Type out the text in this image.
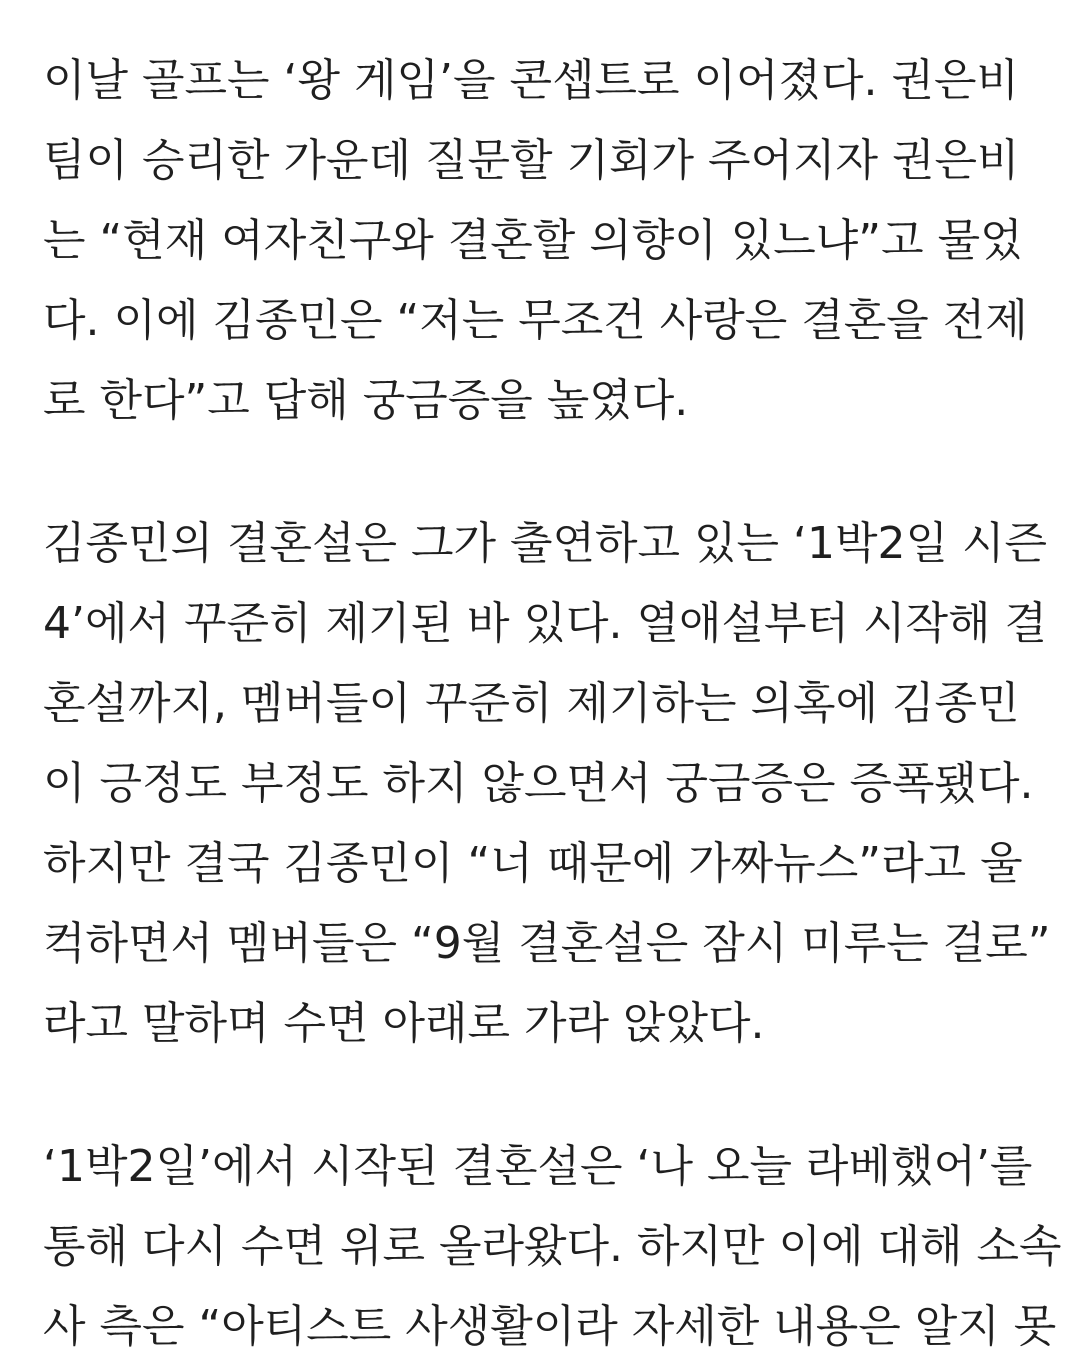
이날 골프는 ‘왕 게임’을 콘셉트로 이어졌다. 권은비
팀이 승리한 가운데 질문할 기회가 주어지자 권은비
는 “현재 여자친구와 결혼할 의향이 있느냐”고 물었
다. 이에 김종민은 “저는 무조건 사랑은 결혼을 전제
로 한다”고 답해 궁금증을 높였다.
김종민의 결혼설은 그가 출연하고 있는 ‘1박2일 시즌
4’에서 꾸준히 제기된 바 있다. 열애설부터 시작해 결
혼설까지, 멤버들이 꾸준히 제기하는 의혹에 김종민
이 긍정도 부정도 하지 않으면서 궁금증은 증폭됐다.
하지만 결국 김종민이 “너 때문에 가짜뉴스”라고 울
컥하면서 멤버들은 “9월 결혼설은 잠시 미루는 걸로”
라고 말하며 수면 아래로 가라 앉았다.
‘1박2일’에서 시작된 결혼설은 ‘나 오늘 라베했어’를
통해 다시 수면 위로 올라왔다. 하지만 이에 대해 소속
사 측은 “아티스트 사생활이라 자세한 내용은 알지 못
